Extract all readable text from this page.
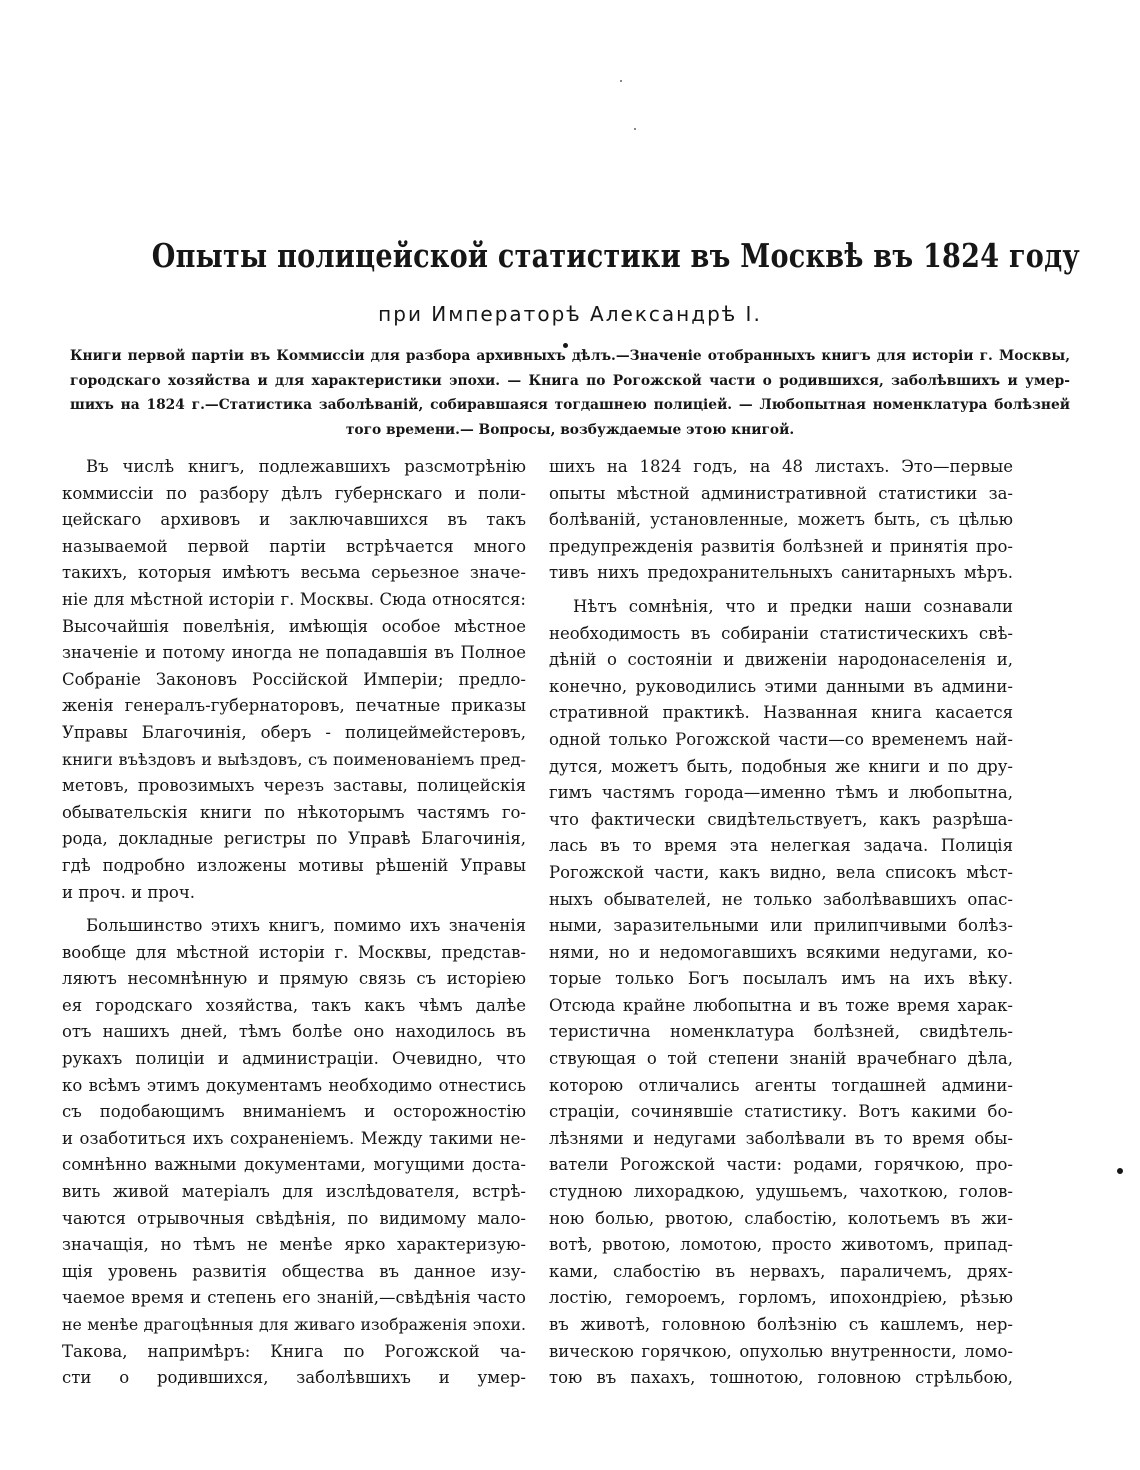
Опыты полицейской статистики въ Москвѣ въ 1824 году
при Императорѣ Александрѣ I.
Книги первой партіи въ Коммиссіи для разбора архивныхъ дѣлъ.—Значеніе отобранныхъ книгъ для исторіи г. Москвы,
городскаго хозяйства и для характеристики эпохи. — Книга по Рогожской части о родившихся, заболѣвшихъ и умер-
шихъ на 1824 г.—Статистика заболѣваній, собиравшаяся тогдашнею полиціей. — Любопытная номенклатура болѣзней
того времени.— Вопросы, возбуждаемые этою книгой.
Въ числѣ книгъ, подлежавшихъ разсмотрѣнію
коммиссіи по разбору дѣлъ губернскаго и поли-
цейскаго архивовъ и заключавшихся въ такъ
называемой первой партіи встрѣчается много
такихъ, которыя имѣютъ весьма серьезное значе-
ніе для мѣстной исторіи г. Москвы. Сюда относятся:
Высочайшія повелѣнія, имѣющія особое мѣстное
значеніе и потому иногда не попадавшія въ Полное
Собраніе Законовъ Россійской Имперіи; предло-
женія генералъ-губернаторовъ, печатные приказы
Управы Благочинія, оберъ - полицеймейстеровъ,
книги въѣздовъ и выѣздовъ, съ поименованіемъ пред-
метовъ, провозимыхъ черезъ заставы, полицейскія
обывательскія книги по нѣкоторымъ частямъ го-
рода, докладные регистры по Управѣ Благочинія,
гдѣ подробно изложены мотивы рѣшеній Управы
и проч. и проч.
Большинство этихъ книгъ, помимо ихъ значенія
вообще для мѣстной исторіи г. Москвы, представ-
ляютъ несомнѣнную и прямую связь съ исторіею
ея городскаго хозяйства, такъ какъ чѣмъ далѣе
отъ нашихъ дней, тѣмъ болѣе оно находилось въ
рукахъ полиціи и администраціи. Очевидно, что
ко всѣмъ этимъ документамъ необходимо отнестись
съ подобающимъ вниманіемъ и осторожностію
и озаботиться ихъ сохраненіемъ. Между такими не-
сомнѣнно важными документами, могущими доста-
вить живой матеріалъ для изслѣдователя, встрѣ-
чаются отрывочныя свѣдѣнія, по видимому мало-
значащія, но тѣмъ не менѣе ярко характеризую-
щія уровень развитія общества въ данное изу-
чаемое время и степень его знаній,—свѣдѣнія часто
не менѣе драгоцѣнныя для живаго изображенія эпохи.
Такова, напримѣръ: Книга по Рогожской ча-
сти о родившихся, заболѣвшихъ и умер-
шихъ на 1824 годъ, на 48 листахъ. Это—первые
опыты мѣстной административной статистики за-
болѣваній, установленные, можетъ быть, съ цѣлью
предупрежденія развитія болѣзней и принятія про-
тивъ нихъ предохранительныхъ санитарныхъ мѣръ.
Нѣтъ сомнѣнія, что и предки наши сознавали
необходимость въ собираніи статистическихъ свѣ-
дѣній о состояніи и движеніи народонаселенія и,
конечно, руководились этими данными въ админи-
стративной практикѣ. Названная книга касается
одной только Рогожской части—со временемъ най-
дутся, можетъ быть, подобныя же книги и по дру-
гимъ частямъ города—именно тѣмъ и любопытна,
что фактически свидѣтельствуетъ, какъ разрѣша-
лась въ то время эта нелегкая задача. Полиція
Рогожской части, какъ видно, вела списокъ мѣст-
ныхъ обывателей, не только заболѣвавшихъ опас-
ными, заразительными или прилипчивыми болѣз-
нями, но и недомогавшихъ всякими недугами, ко-
торые только Богъ посылалъ имъ на ихъ вѣку.
Отсюда крайне любопытна и въ тоже время харак-
теристична номенклатура болѣзней, свидѣтель-
ствующая о той степени знаній врачебнаго дѣла,
которою отличались агенты тогдашней админи-
страціи, сочинявшіе статистику. Вотъ какими бо-
лѣзнями и недугами заболѣвали въ то время обы-
ватели Рогожской части: родами, горячкою, про-
студною лихорадкою, удушьемъ, чахоткою, голов-
ною болью, рвотою, слабостію, колотьемъ въ жи-
вотѣ, рвотою, ломотою, просто животомъ, припад-
ками, слабостію въ нервахъ, параличемъ, дрях-
лостію, гемороемъ, горломъ, ипохондріею, рѣзью
въ животѣ, головною болѣзнію съ кашлемъ, нер-
вическою горячкою, опухолью внутренности, ломо-
тою въ пахахъ, тошнотою, головною стрѣльбою,
